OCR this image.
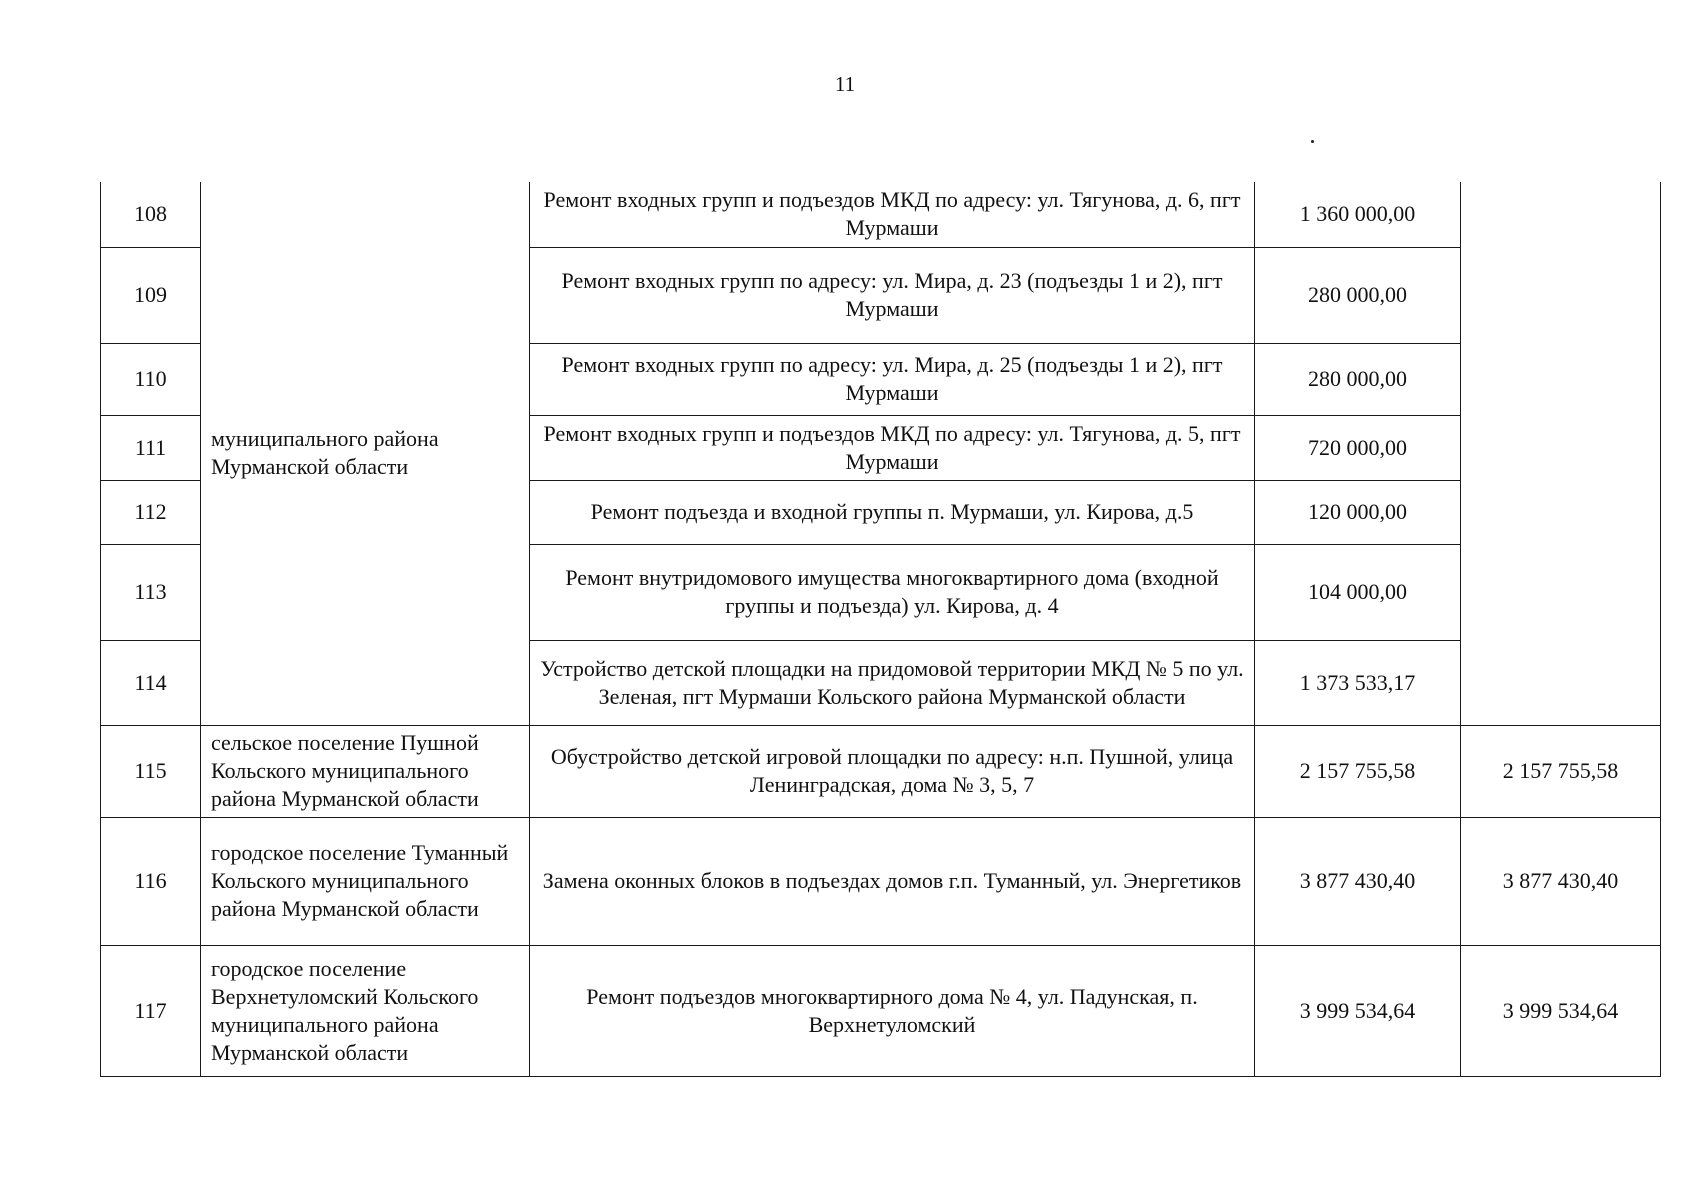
11
108	муниципального района Мурманской области	Ремонт входных групп и подъездов МКД по адресу: ул. Тягунова, д. 6, пгт Мурмаши	1 360 000,00	
109		Ремонт входных групп по адресу: ул. Мира, д. 23 (подъезды 1 и 2), пгт Мурмаши	280 000,00	
110		Ремонт входных групп по адресу: ул. Мира, д. 25 (подъезды 1 и 2), пгт Мурмаши	280 000,00	
111		Ремонт входных групп и подъездов МКД по адресу: ул. Тягунова, д. 5, пгт Мурмаши	720 000,00	
112		Ремонт подъезда и входной группы п. Мурмаши, ул. Кирова, д.5	120 000,00	
113		Ремонт внутридомового имущества многоквартирного дома (входной группы и подъезда) ул. Кирова, д. 4	104 000,00	
114		Устройство детской площадки на придомовой территории МКД № 5 по ул. Зеленая, пгт Мурмаши Кольского района Мурманской области	1 373 533,17	
115	сельское поселение Пушной Кольского муниципального района Мурманской области	Обустройство детской игровой площадки по адресу: н.п. Пушной, улица Ленинградская, дома № 3, 5, 7	2 157 755,58	2 157 755,58
116	городское поселение Туманный Кольского муниципального района Мурманской области	Замена оконных блоков в подъездах домов г.п. Туманный, ул. Энергетиков	3 877 430,40	3 877 430,40
117	городское поселение Верхнетуломский Кольского муниципального района Мурманской области	Ремонт подъездов многоквартирного дома № 4, ул. Падунская, п. Верхнетуломский	3 999 534,64	3 999 534,64
